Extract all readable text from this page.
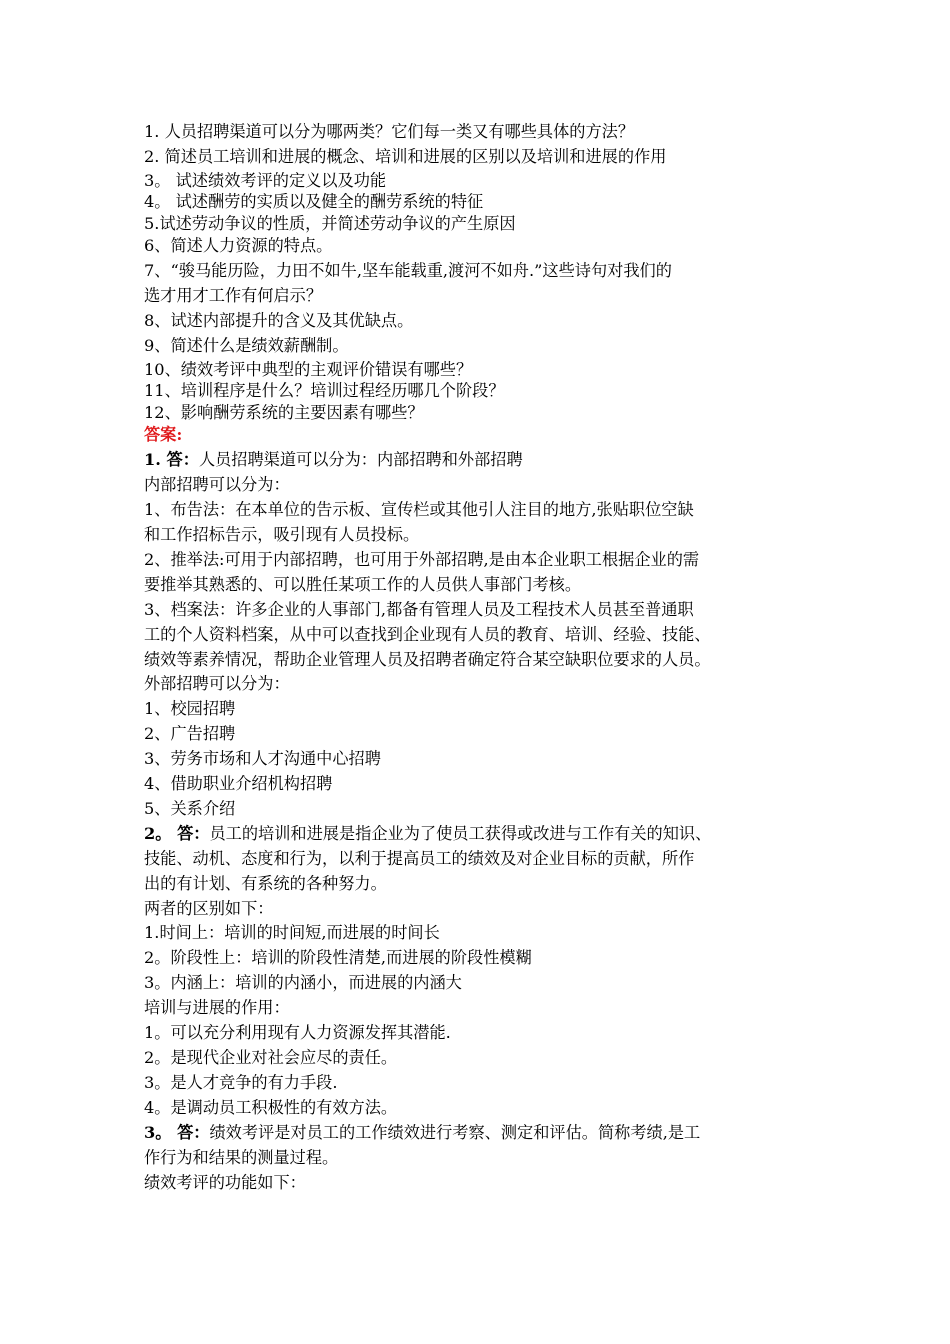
1. 人员招聘渠道可以分为哪两类？它们每一类又有哪些具体的方法？
2. 简述员工培训和进展的概念、培训和进展的区别以及培训和进展的作用
3。 试述绩效考评的定义以及功能
4。 试述酬劳的实质以及健全的酬劳系统的特征
5.试述劳动争议的性质，并简述劳动争议的产生原因
6、简述人力资源的特点。
7、“骏马能历险，力田不如牛,坚车能载重,渡河不如舟.”这些诗句对我们的
选才用才工作有何启示？
8、试述内部提升的含义及其优缺点。
9、简述什么是绩效薪酬制。
10、绩效考评中典型的主观评价错误有哪些？
11、培训程序是什么？培训过程经历哪几个阶段？
12、影响酬劳系统的主要因素有哪些？
答案:
1. 答：人员招聘渠道可以分为：内部招聘和外部招聘
内部招聘可以分为：
1、布告法：在本单位的告示板、宣传栏或其他引人注目的地方,张贴职位空缺
和工作招标告示，吸引现有人员投标。
2、推举法:可用于内部招聘，也可用于外部招聘,是由本企业职工根据企业的需
要推举其熟悉的、可以胜任某项工作的人员供人事部门考核。
3、档案法：许多企业的人事部门,都备有管理人员及工程技术人员甚至普通职
工的个人资料档案，从中可以查找到企业现有人员的教育、培训、经验、技能、
绩效等素养情况，帮助企业管理人员及招聘者确定符合某空缺职位要求的人员。
外部招聘可以分为：
1、校园招聘
2、广告招聘
3、劳务市场和人才沟通中心招聘
4、借助职业介绍机构招聘
5、关系介绍
2。 答：员工的培训和进展是指企业为了使员工获得或改进与工作有关的知识、
技能、动机、态度和行为，以利于提高员工的绩效及对企业目标的贡献，所作
出的有计划、有系统的各种努力。
两者的区别如下：
1.时间上：培训的时间短,而进展的时间长
2。阶段性上：培训的阶段性清楚,而进展的阶段性模糊
3。内涵上：培训的内涵小，而进展的内涵大
培训与进展的作用：
1。可以充分利用现有人力资源发挥其潜能.
2。是现代企业对社会应尽的责任。
3。是人才竞争的有力手段.
4。是调动员工积极性的有效方法。
3。 答：绩效考评是对员工的工作绩效进行考察、测定和评估。简称考绩,是工
作行为和结果的测量过程。
绩效考评的功能如下：
